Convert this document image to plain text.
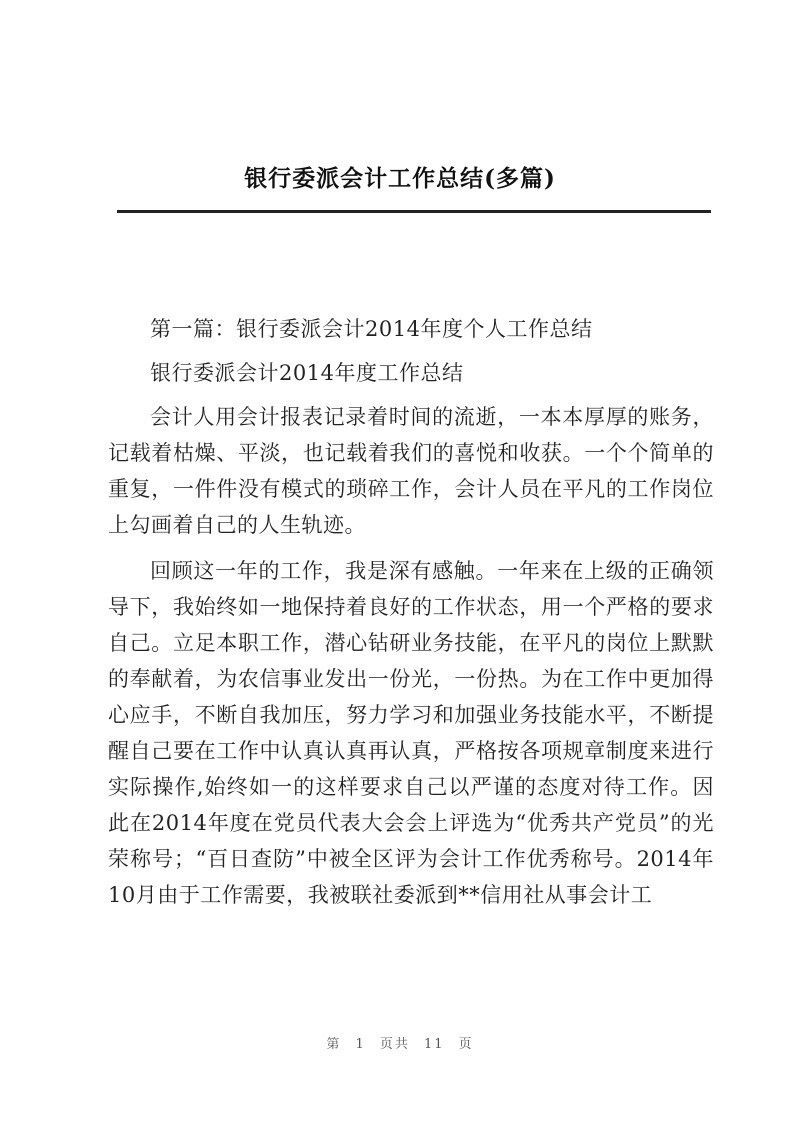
银行委派会计工作总结(多篇)

第一篇：银行委派会计2014年度个人工作总结

银行委派会计2014年度工作总结

会计人用会计报表记录着时间的流逝，一本本厚厚的账务，记载着枯燥、平淡，也记载着我们的喜悦和收获。一个个简单的重复，一件件没有模式的琐碎工作，会计人员在平凡的工作岗位上勾画着自己的人生轨迹。

回顾这一年的工作，我是深有感触。一年来在上级的正确领导下，我始终如一地保持着良好的工作状态，用一个严格的要求自己。立足本职工作，潜心钻研业务技能，在平凡的岗位上默默的奉献着，为农信事业发出一份光，一份热。为在工作中更加得心应手，不断自我加压，努力学习和加强业务技能水平，不断提醒自己要在工作中认真认真再认真，严格按各项规章制度来进行实际操作,始终如一的这样要求自己以严谨的态度对待工作。因此在2014年度在党员代表大会会上评选为“优秀共产党员”的光荣称号；“百日查防”中被全区评为会计工作优秀称号。2014年10月由于工作需要，我被联社委派到**信用社从事会计工

第 1 页共 11 页
